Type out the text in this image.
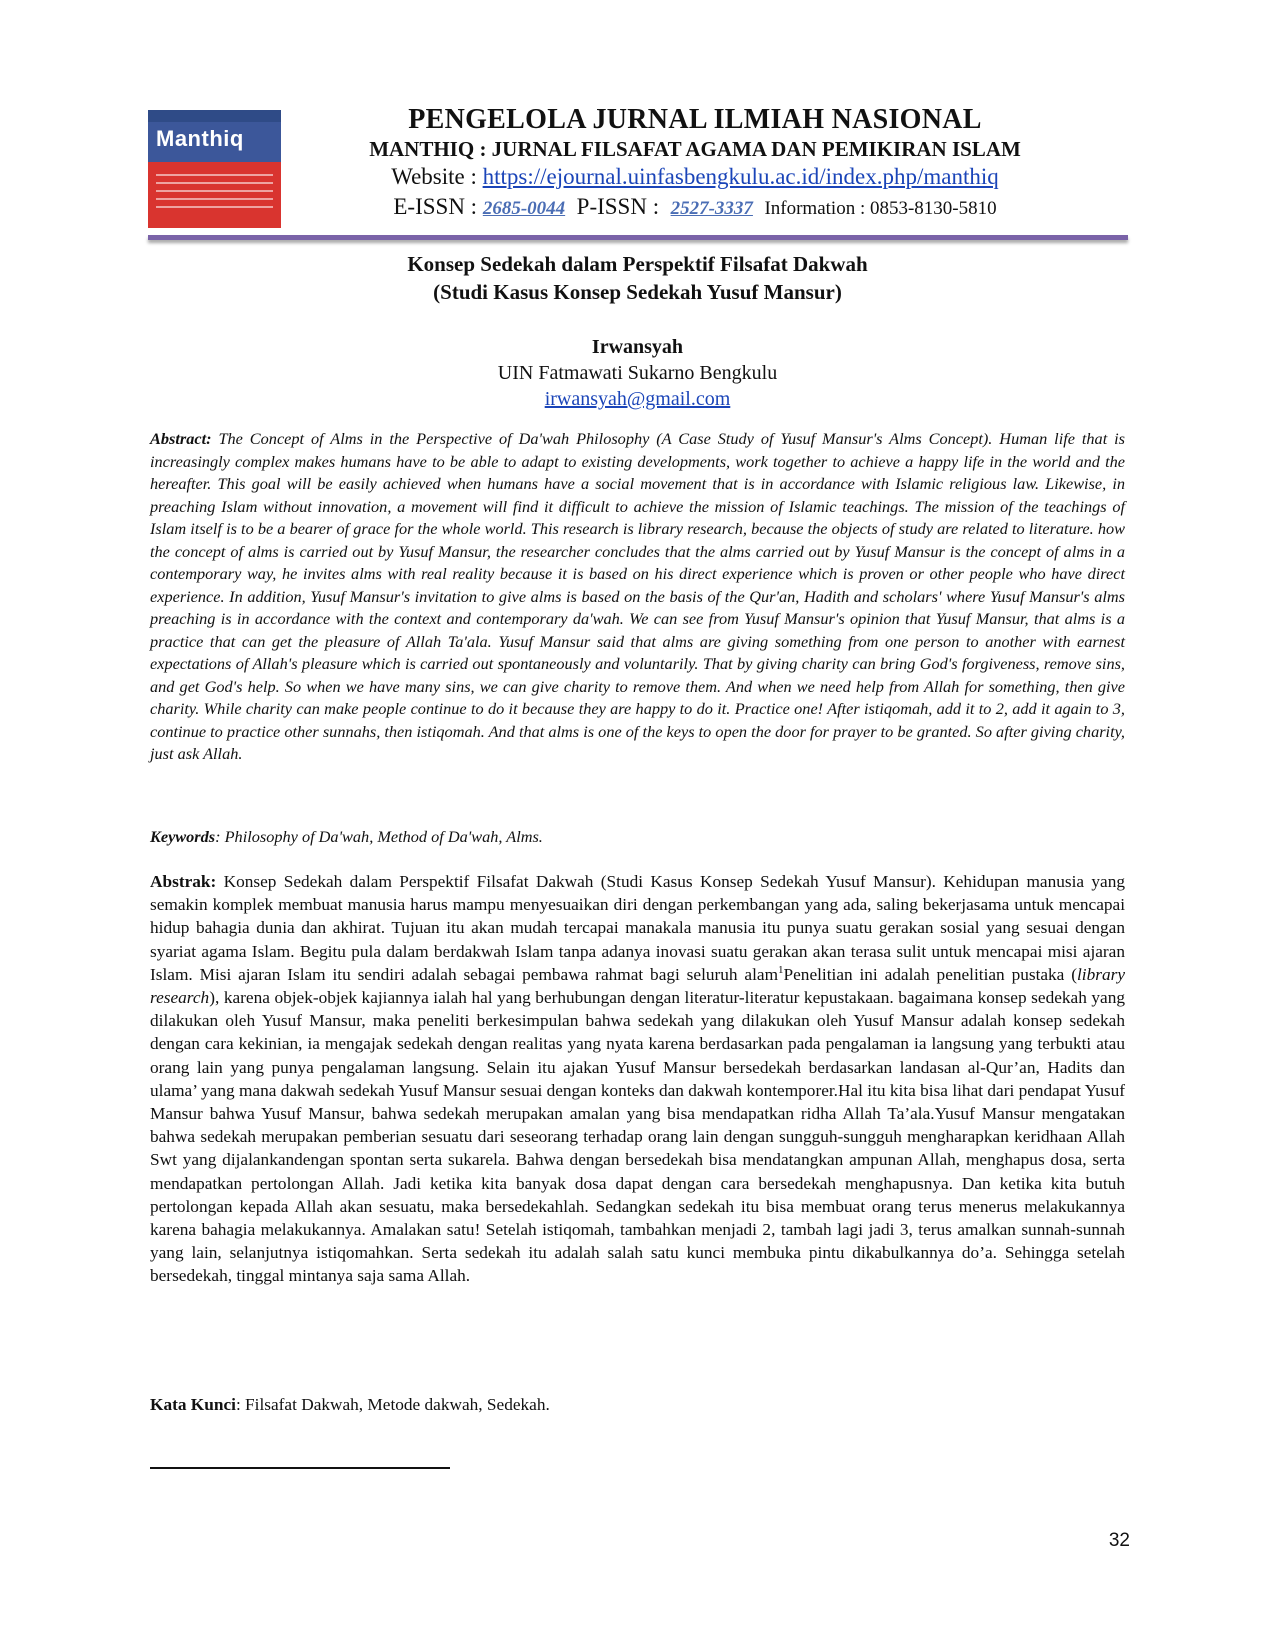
Manthiq
PENGELOLA JURNAL ILMIAH NASIONAL
MANTHIQ : JURNAL FILSAFAT AGAMA DAN PEMIKIRAN ISLAM
Website : https://ejournal.uinfasbengkulu.ac.id/index.php/manthiq
E-ISSN : 2685-0044 P-ISSN : 2527-3337 Information : 0853-8130-5810
Konsep Sedekah dalam Perspektif Filsafat Dakwah
(Studi Kasus Konsep Sedekah Yusuf Mansur)
Irwansyah
UIN Fatmawati Sukarno Bengkulu
irwansyah@gmail.com
Abstract: The Concept of Alms in the Perspective of Da'wah Philosophy (A Case Study of Yusuf Mansur's Alms Concept). Human life that is increasingly complex makes humans have to be able to adapt to existing developments, work together to achieve a happy life in the world and the hereafter. This goal will be easily achieved when humans have a social movement that is in accordance with Islamic religious law. Likewise, in preaching Islam without innovation, a movement will find it difficult to achieve the mission of Islamic teachings. The mission of the teachings of Islam itself is to be a bearer of grace for the whole world. This research is library research, because the objects of study are related to literature. how the concept of alms is carried out by Yusuf Mansur, the researcher concludes that the alms carried out by Yusuf Mansur is the concept of alms in a contemporary way, he invites alms with real reality because it is based on his direct experience which is proven or other people who have direct experience. In addition, Yusuf Mansur's invitation to give alms is based on the basis of the Qur'an, Hadith and scholars' where Yusuf Mansur's alms preaching is in accordance with the context and contemporary da'wah. We can see from Yusuf Mansur's opinion that Yusuf Mansur, that alms is a practice that can get the pleasure of Allah Ta'ala. Yusuf Mansur said that alms are giving something from one person to another with earnest expectations of Allah's pleasure which is carried out spontaneously and voluntarily. That by giving charity can bring God's forgiveness, remove sins, and get God's help. So when we have many sins, we can give charity to remove them. And when we need help from Allah for something, then give charity. While charity can make people continue to do it because they are happy to do it. Practice one! After istiqomah, add it to 2, add it again to 3, continue to practice other sunnahs, then istiqomah. And that alms is one of the keys to open the door for prayer to be granted. So after giving charity, just ask Allah.
Keywords: Philosophy of Da'wah, Method of Da'wah, Alms.
Abstrak: Konsep Sedekah dalam Perspektif Filsafat Dakwah (Studi Kasus Konsep Sedekah Yusuf Mansur). Kehidupan manusia yang semakin komplek membuat manusia harus mampu menyesuaikan diri dengan perkembangan yang ada, saling bekerjasama untuk mencapai hidup bahagia dunia dan akhirat. Tujuan itu akan mudah tercapai manakala manusia itu punya suatu gerakan sosial yang sesuai dengan syariat agama Islam. Begitu pula dalam berdakwah Islam tanpa adanya inovasi suatu gerakan akan terasa sulit untuk mencapai misi ajaran Islam. Misi ajaran Islam itu sendiri adalah sebagai pembawa rahmat bagi seluruh alam$^1$Penelitian ini adalah penelitian pustaka (library research), karena objek-objek kajiannya ialah hal yang berhubungan dengan literatur-literatur kepustakaan. bagaimana konsep sedekah yang dilakukan oleh Yusuf Mansur, maka peneliti berkesimpulan bahwa sedekah yang dilakukan oleh Yusuf Mansur adalah konsep sedekah dengan cara kekinian, ia mengajak sedekah dengan realitas yang nyata karena berdasarkan pada pengalaman ia langsung yang terbukti atau orang lain yang punya pengalaman langsung. Selain itu ajakan Yusuf Mansur bersedekah berdasarkan landasan al-Qur’an, Hadits dan ulama’ yang mana dakwah sedekah Yusuf Mansur sesuai dengan konteks dan dakwah kontemporer.Hal itu kita bisa lihat dari pendapat Yusuf Mansur bahwa Yusuf Mansur, bahwa sedekah merupakan amalan yang bisa mendapatkan ridha Allah Ta’ala.Yusuf Mansur mengatakan bahwa sedekah merupakan pemberian sesuatu dari seseorang terhadap orang lain dengan sungguh-sungguh mengharapkan keridhaan Allah Swt yang dijalankandengan spontan serta sukarela. Bahwa dengan bersedekah bisa mendatangkan ampunan Allah, menghapus dosa, serta mendapatkan pertolongan Allah. Jadi ketika kita banyak dosa dapat dengan cara bersedekah menghapusnya. Dan ketika kita butuh pertolongan kepada Allah akan sesuatu, maka bersedekahlah. Sedangkan sedekah itu bisa membuat orang terus menerus melakukannya karena bahagia melakukannya. Amalakan satu! Setelah istiqomah, tambahkan menjadi 2, tambah lagi jadi 3, terus amalkan sunnah-sunnah yang lain, selanjutnya istiqomahkan. Serta sedekah itu adalah salah satu kunci membuka pintu dikabulkannya do’a. Sehingga setelah bersedekah, tinggal mintanya saja sama Allah.
Kata Kunci: Filsafat Dakwah, Metode dakwah, Sedekah.
32
